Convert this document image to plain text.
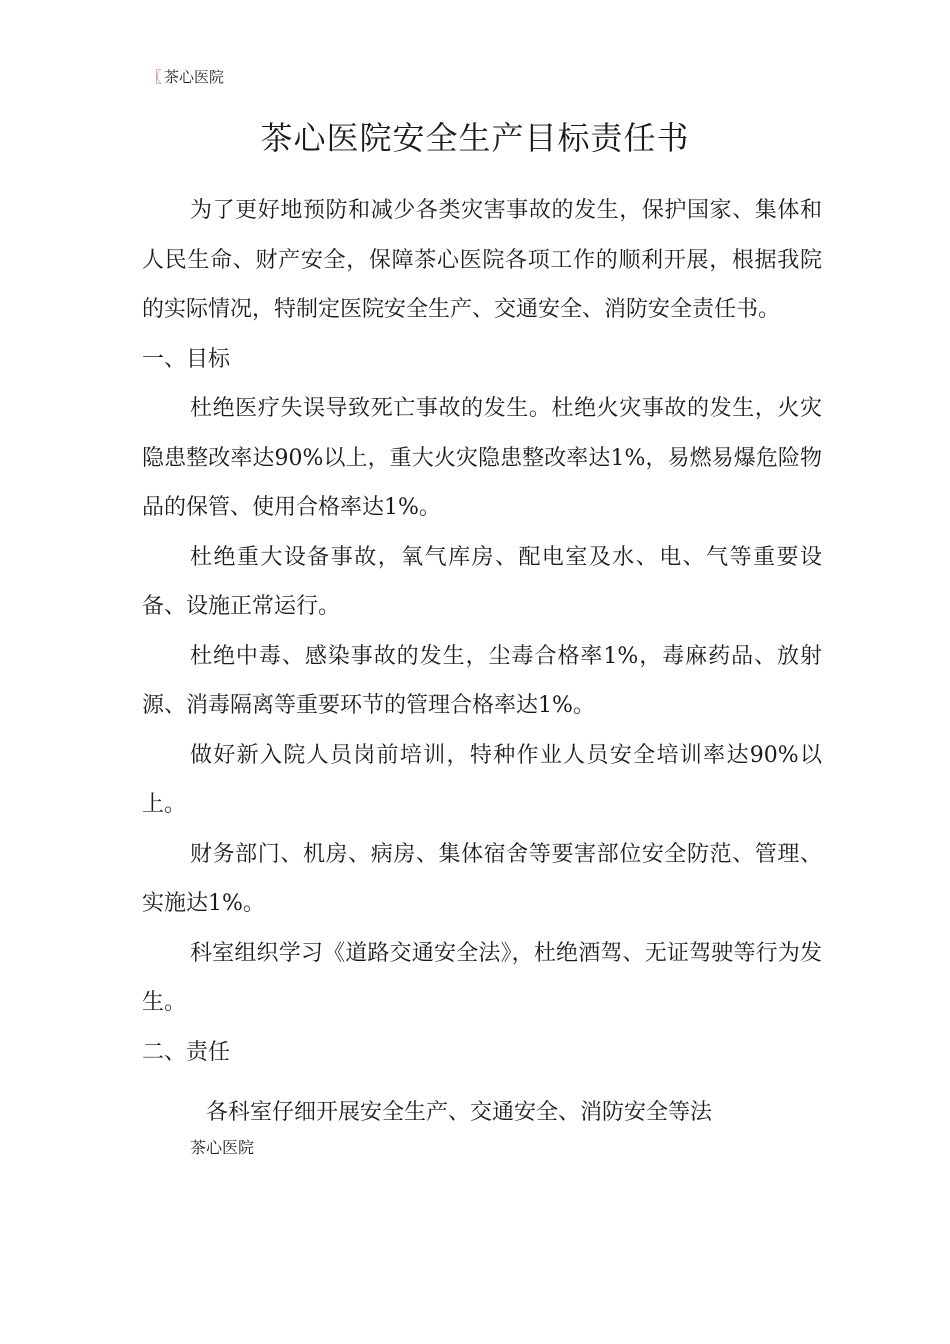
〖 茶心医院
茶心医院安全生产目标责任书

为了更好地预防和减少各类灾害事故的发生，保护国家、集体和人民生命、财产安全，保障茶心医院各项工作的顺利开展，根据我院的实际情况，特制定医院安全生产、交通安全、消防安全责任书。

一、目标

杜绝医疗失误导致死亡事故的发生。杜绝火灾事故的发生，火灾隐患整改率达90%以上，重大火灾隐患整改率达1%，易燃易爆危险物品的保管、使用合格率达1%。

杜绝重大设备事故，氧气库房、配电室及水、电、气等重要设备、设施正常运行。

杜绝中毒、感染事故的发生，尘毒合格率1%，毒麻药品、放射源、消毒隔离等重要环节的管理合格率达1%。

做好新入院人员岗前培训，特种作业人员安全培训率达90%以上。

财务部门、机房、病房、集体宿舍等要害部位安全防范、管理、实施达1%。

科室组织学习《道路交通安全法》，杜绝酒驾、无证驾驶等行为发生。

二、责任

各科室仔细开展安全生产、交通安全、消防安全等法
茶心医院
